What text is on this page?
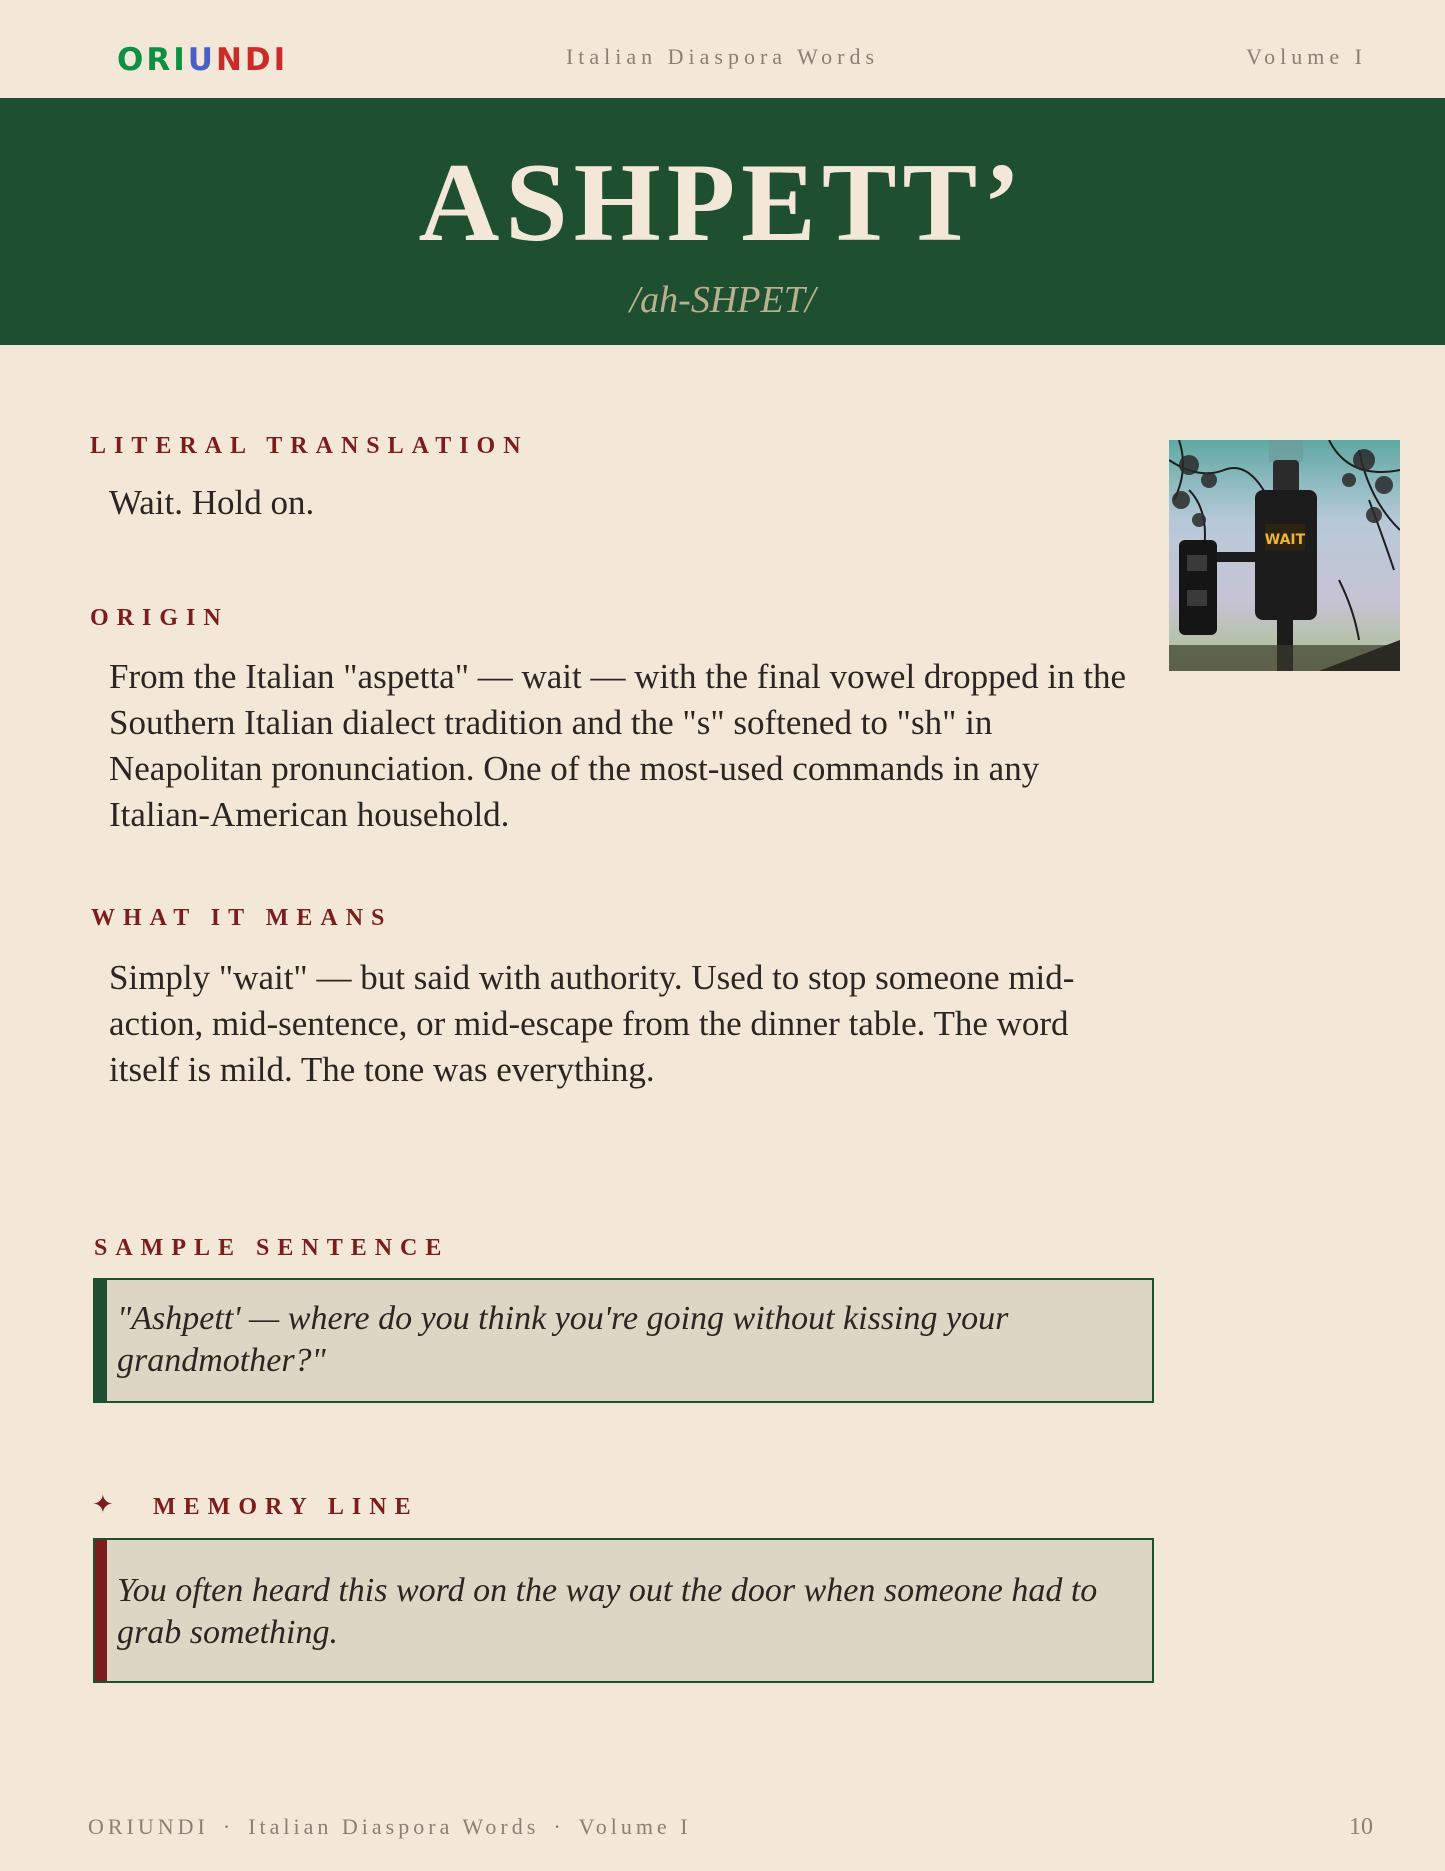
ORIUNDI	Italian Diaspora Words	Volume I
ASHPETT’
/ah-SHPET/
LITERAL TRANSLATION
Wait. Hold on.
WAIT
ORIGIN
From the Italian "aspetta" — wait — with the final vowel dropped in the Southern Italian dialect tradition and the "s" softened to "sh" in Neapolitan pronunciation. One of the most-used commands in any Italian-American household.
WHAT IT MEANS
Simply "wait" — but said with authority. Used to stop someone mid-action, mid-sentence, or mid-escape from the dinner table. The word itself is mild. The tone was everything.
SAMPLE SENTENCE
"Ashpett' — where do you think you're going without kissing your grandmother?"
✦ MEMORY LINE
You often heard this word on the way out the door when someone had to grab something.
ORIUNDI · Italian Diaspora Words · Volume I	10
